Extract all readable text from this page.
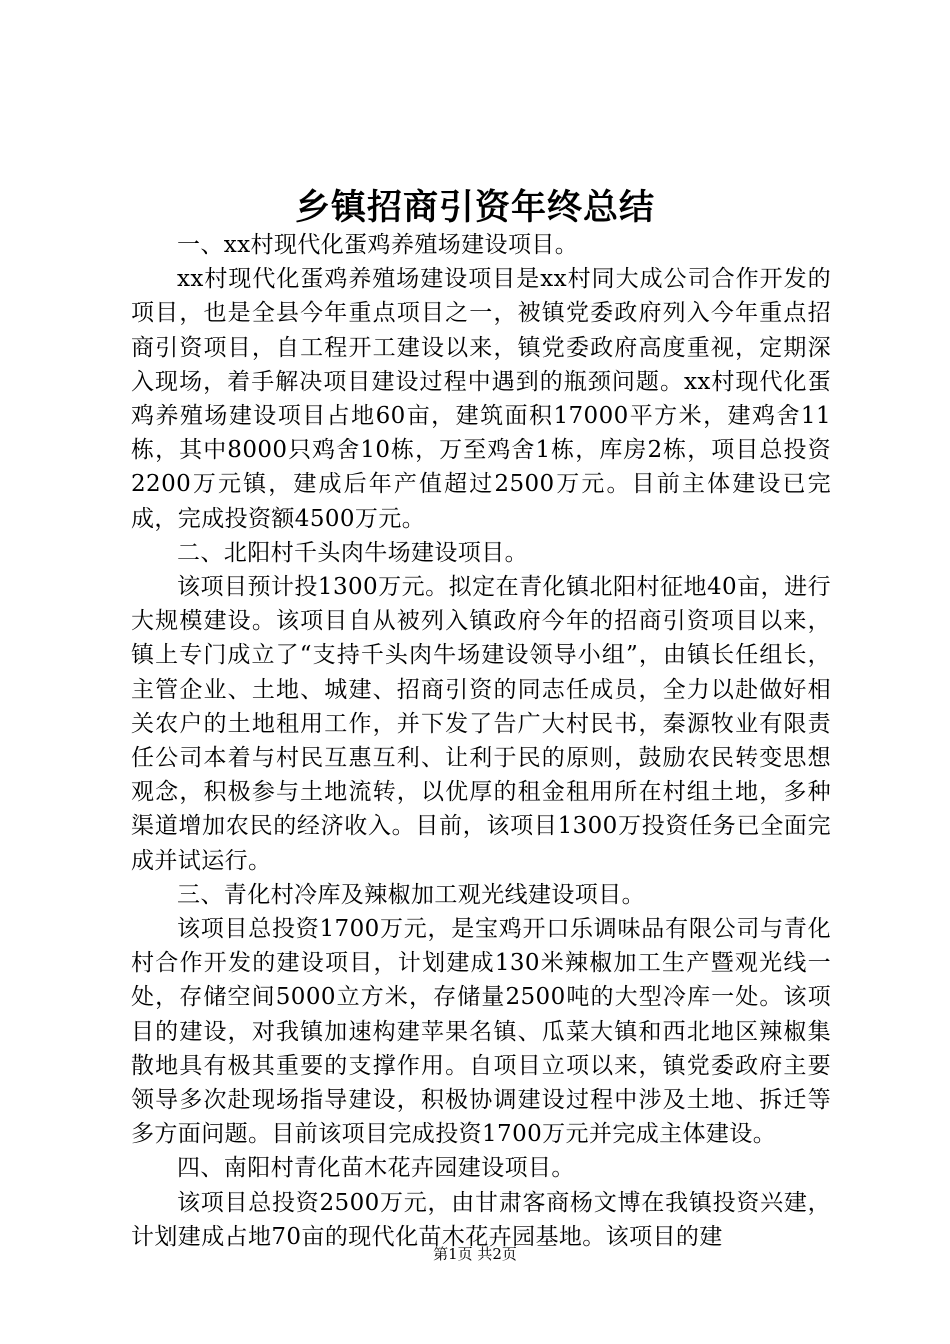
乡镇招商引资年终总结

一、xx村现代化蛋鸡养殖场建设项目。

xx村现代化蛋鸡养殖场建设项目是xx村同大成公司合作开发的项目，也是全县今年重点项目之一，被镇党委政府列入今年重点招商引资项目，自工程开工建设以来，镇党委政府高度重视，定期深入现场，着手解决项目建设过程中遇到的瓶颈问题。xx村现代化蛋鸡养殖场建设项目占地60亩，建筑面积17000平方米，建鸡舍11栋，其中8000只鸡舍10栋，万至鸡舍1栋，库房2栋，项目总投资2200万元镇，建成后年产值超过2500万元。目前主体建设已完成，完成投资额4500万元。

二、北阳村千头肉牛场建设项目。

该项目预计投1300万元。拟定在青化镇北阳村征地40亩，进行大规模建设。该项目自从被列入镇政府今年的招商引资项目以来，镇上专门成立了“支持千头肉牛场建设领导小组”，由镇长任组长，主管企业、土地、城建、招商引资的同志任成员，全力以赴做好相关农户的土地租用工作，并下发了告广大村民书，秦源牧业有限责任公司本着与村民互惠互利、让利于民的原则，鼓励农民转变思想观念，积极参与土地流转，以优厚的租金租用所在村组土地，多种渠道增加农民的经济收入。目前，该项目1300万投资任务已全面完成并试运行。

三、青化村冷库及辣椒加工观光线建设项目。

该项目总投资1700万元，是宝鸡开口乐调味品有限公司与青化村合作开发的建设项目，计划建成130米辣椒加工生产暨观光线一处，存储空间5000立方米，存储量2500吨的大型冷库一处。该项目的建设，对我镇加速构建苹果名镇、瓜菜大镇和西北地区辣椒集散地具有极其重要的支撑作用。自项目立项以来，镇党委政府主要领导多次赴现场指导建设，积极协调建设过程中涉及土地、拆迁等多方面问题。目前该项目完成投资1700万元并完成主体建设。

四、南阳村青化苗木花卉园建设项目。

该项目总投资2500万元，由甘肃客商杨文博在我镇投资兴建，计划建成占地70亩的现代化苗木花卉园基地。该项目的建

第1页 共2页
